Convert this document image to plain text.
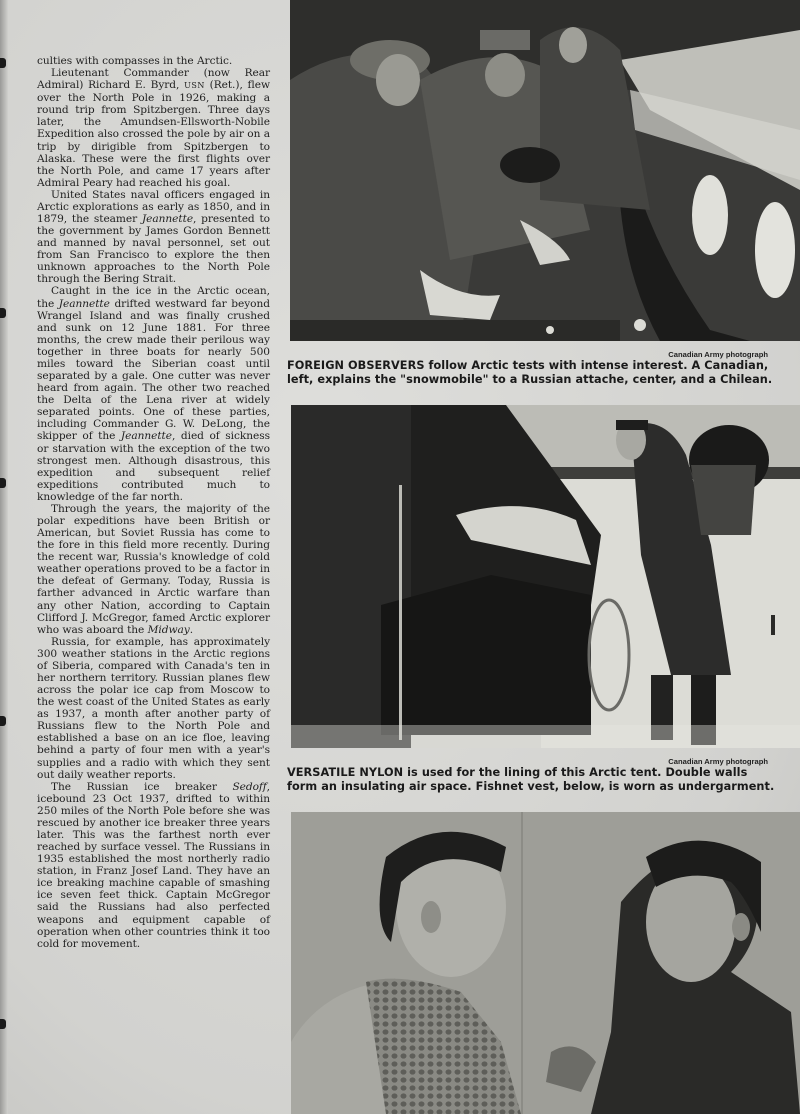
culties with compasses in the Arctic.

Lieutenant Commander (now Rear Admiral) Richard E. Byrd, USN (Ret.), flew over the North Pole in 1926, making a round trip from Spitzbergen. Three days later, the Amundsen-Ellsworth-Nobile Expedition also crossed the pole by air on a trip by dirigible from Spitzbergen to Alaska. These were the first flights over the North Pole, and came 17 years after Admiral Peary had reached his goal.

United States naval officers engaged in Arctic explorations as early as 1850, and in 1879, the steamer Jeannette, presented to the government by James Gordon Bennett and manned by naval personnel, set out from San Francisco to explore the then unknown approaches to the North Pole through the Bering Strait.

Caught in the ice in the Arctic ocean, the Jeannette drifted westward far beyond Wrangel Island and was finally crushed and sunk on 12 June 1881. For three months, the crew made their perilous way together in three boats for nearly 500 miles toward the Siberian coast until separated by a gale. One cutter was never heard from again. The other two reached the Delta of the Lena river at widely separated points. One of these parties, including Commander G. W. DeLong, the skipper of the Jeannette, died of sickness or starvation with the exception of the two strongest men. Although disastrous, this expedition and subsequent relief expeditions contributed much to knowledge of the far north.

Through the years, the majority of the polar expeditions have been British or American, but Soviet Russia has come to the fore in this field more recently. During the recent war, Russia's knowledge of cold weather operations proved to be a factor in the defeat of Germany. Today, Russia is farther advanced in Arctic warfare than any other Nation, according to Captain Clifford J. McGregor, famed Arctic explorer who was aboard the Midway.

Russia, for example, has approximately 300 weather stations in the Arctic regions of Siberia, compared with Canada's ten in her northern territory. Russian planes flew across the polar ice cap from Moscow to the west coast of the United States as early as 1937, a month after another party of Russians flew to the North Pole and established a base on an ice floe, leaving behind a party of four men with a year's supplies and a radio with which they sent out daily weather reports.

The Russian ice breaker Sedoff, icebound 23 Oct 1937, drifted to within 250 miles of the North Pole before she was rescued by another ice breaker three years later. This was the farthest north ever reached by surface vessel. The Russians in 1935 established the most northerly radio station, in Franz Josef Land. They have an ice breaking machine capable of smashing ice seven feet thick. Captain McGregor said the Russians had also perfected weapons and equipment capable of operation when other countries think it too cold for movement.

Canadian Army photograph
FOREIGN OBSERVERS follow Arctic tests with intense interest. A Canadian,
left, explains the "snowmobile" to a Russian attache, center, and a Chilean.
Canadian Army photograph
VERSATILE NYLON is used for the lining of this Arctic tent. Double walls
form an insulating air space. Fishnet vest, below, is worn as undergarment.
